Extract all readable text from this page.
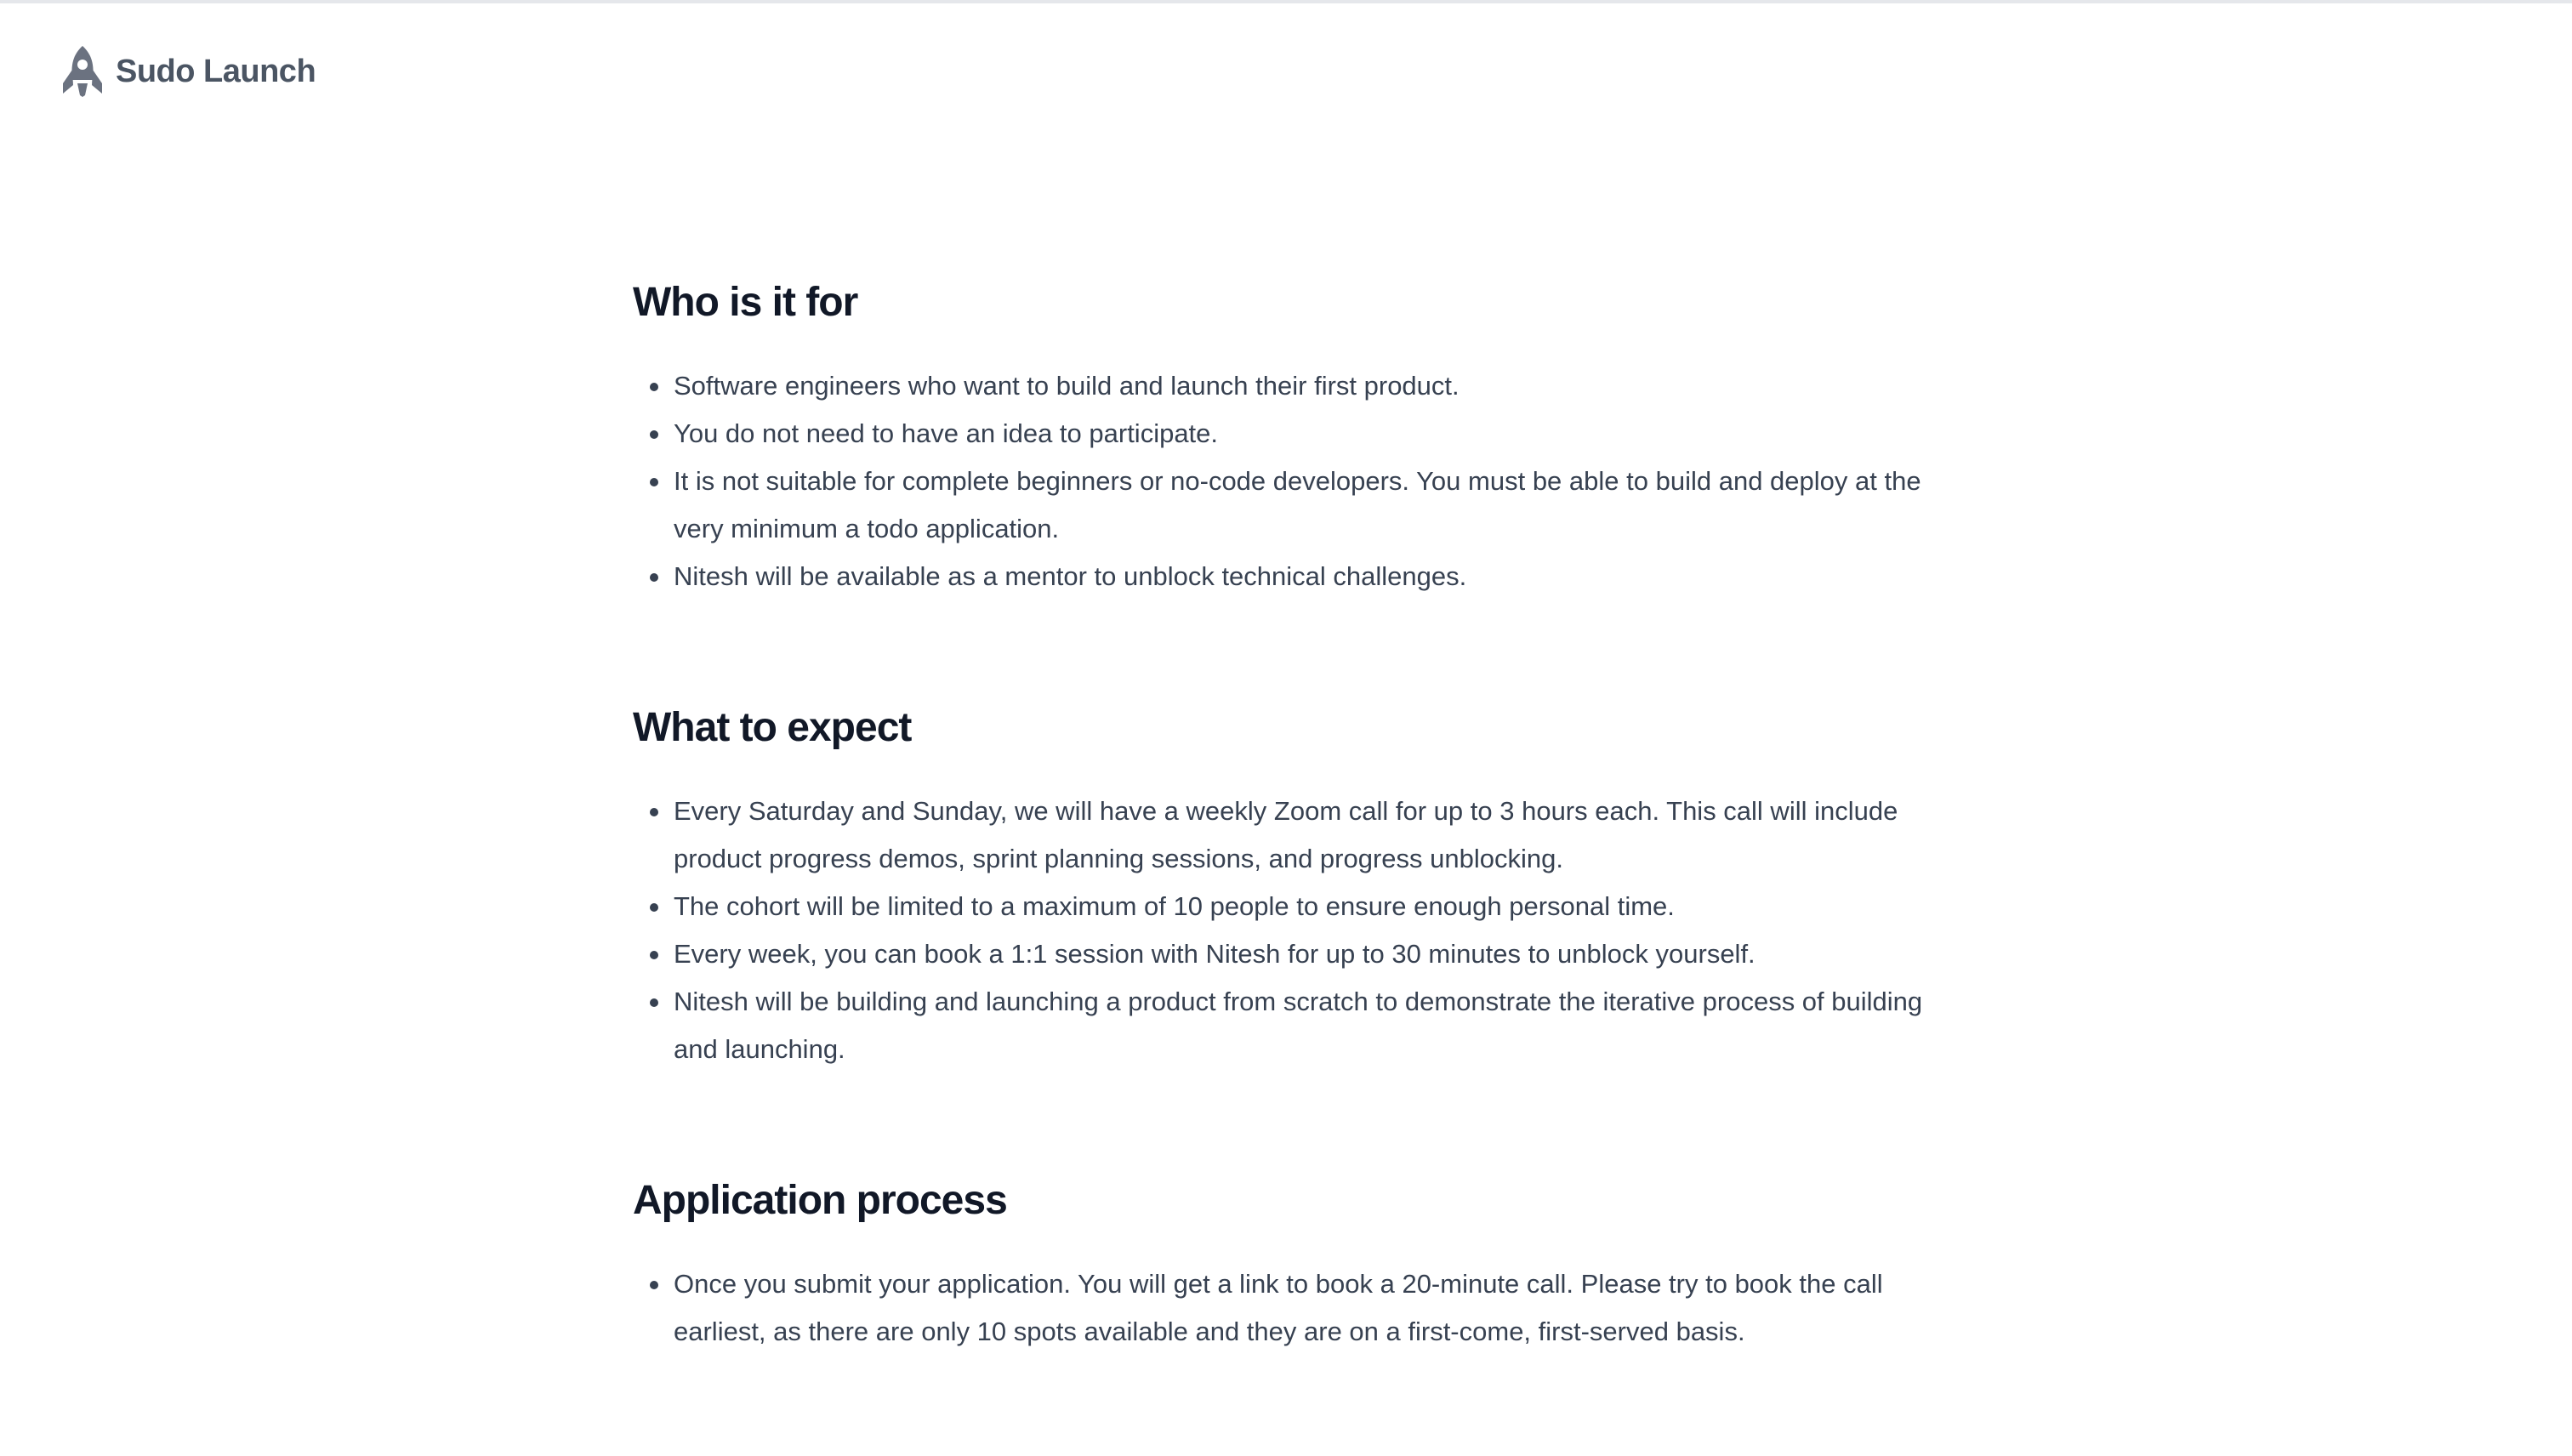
Sudo Launch
Who is it for
Software engineers who want to build and launch their first product.
You do not need to have an idea to participate.
It is not suitable for complete beginners or no-code developers. You must be able to build and deploy at the very minimum a todo application.
Nitesh will be available as a mentor to unblock technical challenges.
What to expect
Every Saturday and Sunday, we will have a weekly Zoom call for up to 3 hours each. This call will include product progress demos, sprint planning sessions, and progress unblocking.
The cohort will be limited to a maximum of 10 people to ensure enough personal time.
Every week, you can book a 1:1 session with Nitesh for up to 30 minutes to unblock yourself.
Nitesh will be building and launching a product from scratch to demonstrate the iterative process of building and launching.
Application process
Once you submit your application. You will get a link to book a 20-minute call. Please try to book the call earliest, as there are only 10 spots available and they are on a first-come, first-served basis.
